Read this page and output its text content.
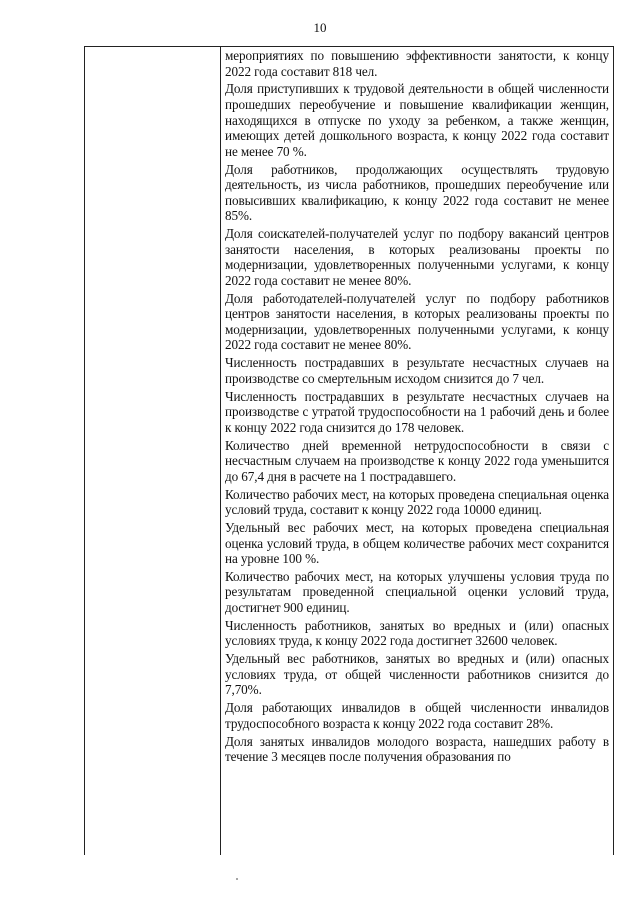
10

мероприятиях по повышению эффективности занятости, к концу 2022 года составит 818 чел.

Доля приступивших к трудовой деятельности в общей численности прошедших переобучение и повышение квалификации женщин, находящихся в отпуске по уходу за ребенком, а также женщин, имеющих детей дошкольного возраста, к концу 2022 года составит не менее 70 %.

Доля работников, продолжающих осуществлять трудовую деятельность, из числа работников, прошедших переобучение или повысивших квалификацию, к концу 2022 года составит не менее 85%.

Доля соискателей-получателей услуг по подбору вакансий центров занятости населения, в которых реализованы проекты по модернизации, удовлетворенных полученными услугами, к концу 2022 года составит не менее 80%.

Доля работодателей-получателей услуг по подбору работников центров занятости населения, в которых реализованы проекты по модернизации, удовлетворенных полученными услугами, к концу 2022 года составит не менее 80%.

Численность пострадавших в результате несчастных случаев на производстве со смертельным исходом снизится до 7 чел.

Численность пострадавших в результате несчастных случаев на производстве с утратой трудоспособности на 1 рабочий день и более к концу 2022 года снизится до 178 человек.

Количество дней временной нетрудоспособности в связи с несчастным случаем на производстве к концу 2022 года уменьшится до 67,4 дня в расчете на 1 пострадавшего.

Количество рабочих мест, на которых проведена специальная оценка условий труда, составит к концу 2022 года 10000 единиц.

Удельный вес рабочих мест, на которых проведена специальная оценка условий труда, в общем количестве рабочих мест сохранится на уровне 100 %.

Количество рабочих мест, на которых улучшены условия труда по результатам проведенной специальной оценки условий труда, достигнет 900 единиц.

Численность работников, занятых во вредных и (или) опасных условиях труда, к концу 2022 года достигнет 32600 человек.

Удельный вес работников, занятых во вредных и (или) опасных условиях труда, от общей численности работников снизится до 7,70%.

Доля работающих инвалидов в общей численности инвалидов трудоспособного возраста к концу 2022 года составит 28%.

Доля занятых инвалидов молодого возраста, нашедших работу в течение 3 месяцев после получения образования по
